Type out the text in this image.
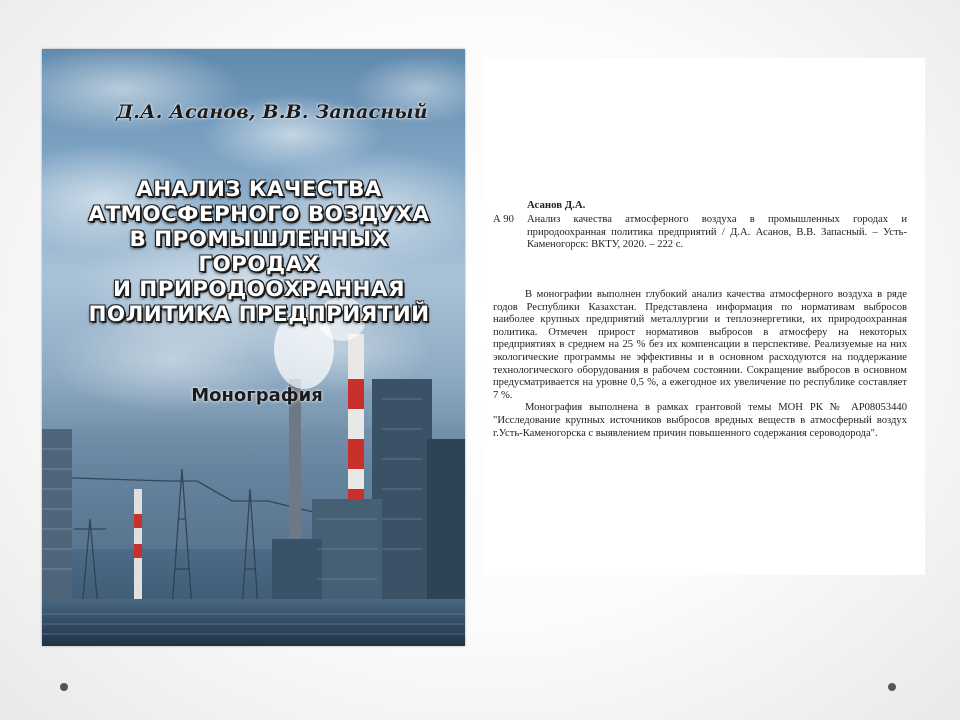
Д.А. Асанов, В.В. Запасный
АНАЛИЗ КАЧЕСТВА
АТМОСФЕРНОГО ВОЗДУХА
В ПРОМЫШЛЕННЫХ
ГОРОДАХ
И ПРИРОДООХРАННАЯ
ПОЛИТИКА ПРЕДПРИЯТИЙ
Монография
Асанов Д.А.
А 90 Анализ качества атмосферного воздуха в промышленных городах и природоохранная политика предприятий / Д.А. Асанов, В.В. Запасный. – Усть-Каменогорск: ВКТУ, 2020. – 222 с.

В монографии выполнен глубокий анализ качества атмосферного воздуха в ряде годов Республики Казахстан. Представлена информация по нормативам выбросов наиболее крупных предприятий металлургии и теплоэнергетики, их природоохранная политика. Отмечен прирост нормативов выбросов в атмосферу на некоторых предприятиях в среднем на 25 % без их компенсации в перспективе. Реализуемые на них экологические программы не эффективны и в основном расходуются на поддержание технологического оборудования в рабочем состоянии. Сокращение выбросов в основном предусматривается на уровне 0,5 %, а ежегодное их увеличение по республике составляет 7 %.

Монография выполнена в рамках грантовой темы МОН РК № АР08053440 "Исследование крупных источников выбросов вредных веществ в атмосферный воздух г.Усть-Каменогорска с выявлением причин повышенного содержания сероводорода".
